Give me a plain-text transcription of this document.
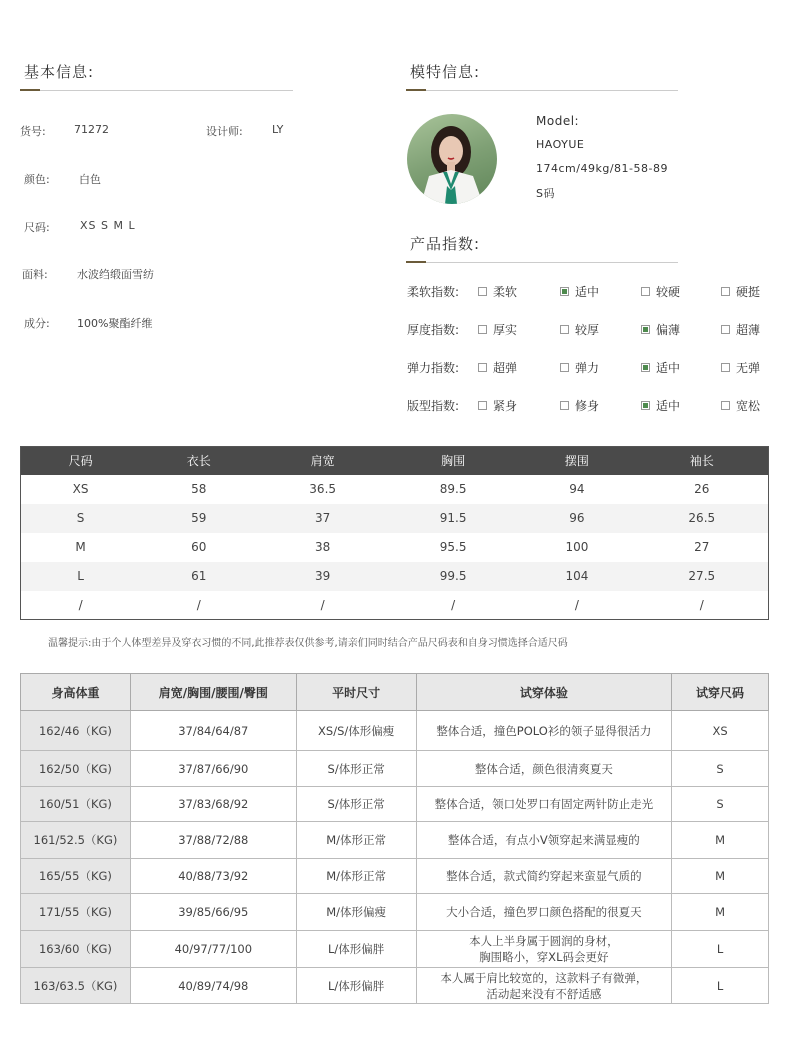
基本信息:
货号:	71272	设计师:	LY
颜色:	白色
尺码:	XS S M L
面料:	水波绉缎面雪纺
成分: 100%聚酯纤维
模特信息:
Model:
HAOYUE
174cm/49kg/81-58-89
S码
产品指数:
柔软指数:	柔软	适中	较硬	硬挺
厚度指数:	厚实	较厚	偏薄	超薄
弹力指数:	超弹	弹力	适中	无弹
版型指数:	紧身	修身	适中	宽松
尺码	衣长	肩宽	胸围	摆围	袖长
XS	58	36.5	89.5	94	26
S	59	37	91.5	96	26.5
M	60	38	95.5	100	27
L	61	39	99.5	104	27.5
/	/	/	/	/	/
温馨提示:由于个人体型差异及穿衣习惯的不同,此推荐表仅供参考,请亲们同时结合产品尺码表和自身习惯选择合适尺码
身高体重	肩宽/胸围/腰围/臀围	平时尺寸	试穿体验	试穿尺码
162/46（KG)	37/84/64/87	XS/S/体形偏瘦	整体合适，撞色POLO衫的领子显得很活力	XS
162/50（KG)	37/87/66/90	S/体形正常	整体合适，颜色很清爽夏天	S
160/51（KG)	37/83/68/92	S/体形正常	整体合适，领口处罗口有固定两针防止走光	S
161/52.5（KG)	37/88/72/88	M/体形正常	整体合适，有点小V领穿起来满显瘦的	M
165/55（KG)	40/88/73/92	M/体形正常	整体合适，款式简约穿起来蛮显气质的	M
171/55（KG)	39/85/66/95	M/体形偏瘦	大小合适，撞色罗口颜色搭配的很夏天	M
163/60（KG)	40/97/77/100	L/体形偏胖	本人上半身属于圆润的身材，
胸围略小，穿XL码会更好	L
163/63.5（KG)	40/89/74/98	L/体形偏胖	本人属于肩比较宽的，这款料子有微弹，
活动起来没有不舒适感	L
